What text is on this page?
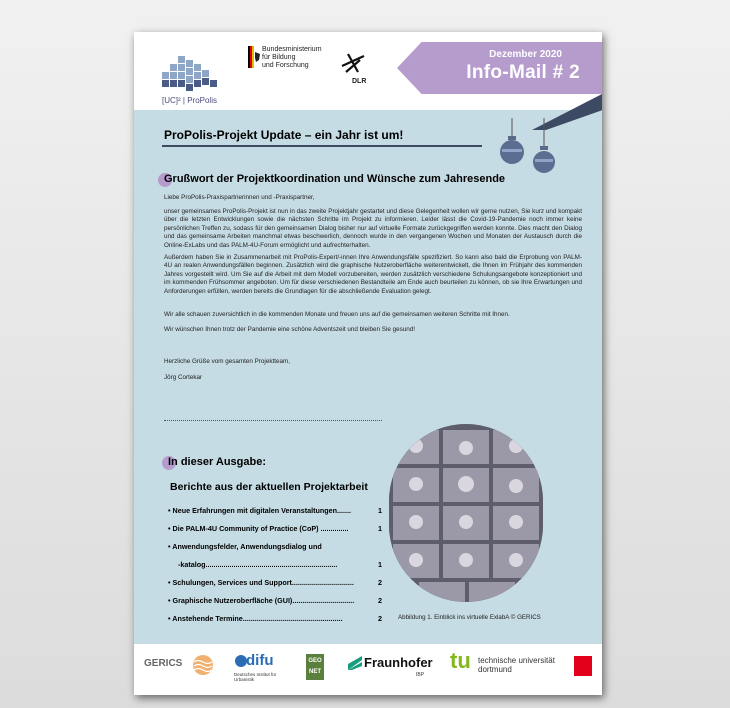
[UC]² | ProPolis
Bundesministerium
für Bildung
und Forschung
DLR
Dezember 2020
Info-Mail # 2
ProPolis-Projekt Update – ein Jahr ist um!
Grußwort der Projektkoordination und Wünsche zum Jahresende
Liebe ProPolis-Praxispartnerinnen und -Praxispartner,
unser gemeinsames ProPolis-Projekt ist nun in das zweite Projektjahr gestartet und diese Gelegenheit wollen wir gerne nutzen, Sie kurz und kompakt über die letzten Entwicklungen sowie die nächsten Schritte im Projekt zu informieren. Leider lässt die Covid-19-Pandemie noch immer keine persönlichen Treffen zu, sodass für den gemeinsamen Dialog bisher nur auf virtuelle Formate zurückgegriffen werden konnte. Dies macht den Dialog und das gemeinsame Arbeiten manchmal etwas beschwerlich, dennoch wurde in den vergangenen Wochen und Monaten der Austausch durch die Online-ExLabs und das PALM-4U-Forum ermöglicht und aufrechterhalten.
Außerdem haben Sie in Zusammenarbeit mit ProPolis-Expert/-innen Ihre Anwendungsfälle spezifiziert. So kann also bald die Erprobung von PALM-4U an realen Anwendungsfällen beginnen. Zusätzlich wird die graphische Nutzeroberfläche weiterentwickelt, die Ihnen im Frühjahr des kommenden Jahres vorgestellt wird. Um Sie auf die Arbeit mit dem Modell vorzubereiten, werden zusätzlich verschiedene Schulungsangebote konzeptioniert und im kommenden Frühsommer angeboten. Um für diese verschiedenen Bestandteile am Ende auch beurteilen zu können, ob sie Ihre Erwartungen und Anforderungen erfüllen, werden bereits die Grundlagen für die abschließende Evaluation gelegt.
Wir alle schauen zuversichtlich in die kommenden Monate und freuen uns auf die gemeinsamen weiteren Schritte mit Ihnen.
Wir wünschen Ihnen trotz der Pandemie eine schöne Adventszeit und bleiben Sie gesund!
Herzliche Grüße vom gesamten Projektteam,
Jörg Cortekar
In dieser Ausgabe:
Berichte aus der aktuellen Projektarbeit
• Neue Erfahrungen mit digitalen Veranstaltungen.......	1
• Die PALM-4U Community of Practice (CoP) ..............	1
• Anwendungsfelder, Anwendungsdialog und
-katalog..................................................................	1
• Schulungen, Services und Support...............................	2
• Graphische Nutzeroberfläche (GUI)...............................	2
• Anstehende Termine..................................................	2	Abbildung 1. Einblick ins virtuelle ExlabA © GERICS
GERICS	difu
Deutsches Institut für Urbanistik
GEO NET
Fraunhofer
IBP
tu technische universität
dortmund
